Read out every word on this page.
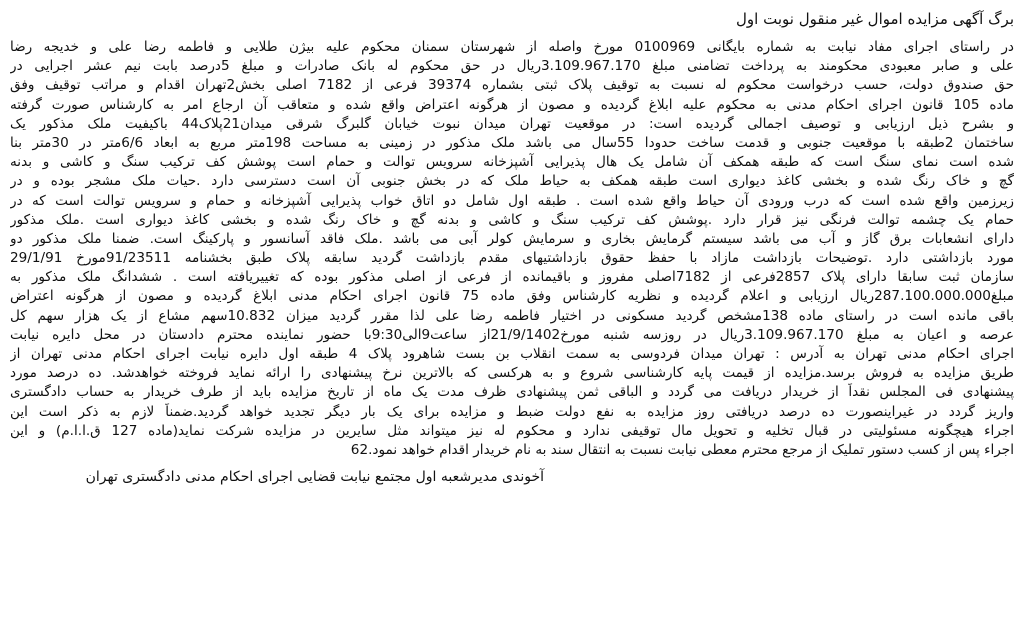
برگ آگهی مزایده اموال غیر منقول نوبت اول
در راستای اجرای مفاد نیابت به شماره بایگانی 0100969 مورخ واصله از شهرستان سمنان محکوم علیه بیژن طلایی و فاطمه رضا علی و خدیجه رضا
علی و صابر معبودی محکومند به پرداخت تضامنی مبلغ 3.109.967.170ریال در حق محکوم له بانک صادرات و مبلغ 5درصد بابت نیم عشر اجرایی در
حق صندوق دولت، حسب درخواست محکوم له نسبت به توقیف پلاک ثبتی بشماره 39374 فرعی از 7182 اصلی بخش2تهران اقدام و مراتب توقیف وفق
ماده 105 قانون اجرای احکام مدنی به محکوم علیه ابلاغ گردیده و مصون از هرگونه اعتراض واقع شده و متعاقب آن ارجاع امر به کارشناس صورت گرفته
و بشرح ذیل ارزیابی و توصیف اجمالی گردیده است: در موقعیت تهران میدان نبوت خیابان گلبرگ شرقی میدان21پلاک44 باکیفیت ملک مذکور یک
ساختمان 2طبقه با موقعیت جنوبی و قدمت ساخت حدودا 55سال می باشد ملک مذکور در زمینی به مساحت 198متر مربع به ابعاد 6/6متر در 30متر بنا
شده است نمای سنگ است که طبقه همکف آن شامل یک هال پذیرایی آشپزخانه سرویس توالت و حمام است پوشش کف ترکیب سنگ و کاشی و بدنه
گچ و خاک رنگ شده و بخشی کاغذ دیواری است طبقه همکف به حیاط ملک که در بخش جنوبی آن است دسترسی دارد .حیات ملک مشجر بوده و در
زیرزمین واقع شده است که درب ورودی آن حیاط واقع شده است . طبقه اول شامل دو اتاق خواب پذیرایی آشپزخانه و حمام و سرویس توالت است که در
حمام یک چشمه توالت فرنگی نیز قرار دارد .پوشش کف ترکیب سنگ و کاشی و بدنه گچ و خاک رنگ شده و بخشی کاغذ دیواری است .ملک مذکور
دارای انشعابات برق گاز و آب می باشد سیستم گرمایش بخاری و سرمایش کولر آبی می باشد .ملک فاقد آسانسور و پارکینگ است. ضمنا ملک مذکور دو
مورد بازداشتی دارد .توضیحات بازداشت مازاد با حفظ حقوق بازداشتیهای مقدم بازداشت گردید سابقه پلاک طبق بخشنامه 91/23511مورخ 29/1/91
سازمان ثبت سابقا دارای پلاک 2857فرعی از 7182اصلی مفروز و باقیمانده از فرعی از اصلی مذکور بوده که تغییریافته است . ششدانگ ملک مذکور به
مبلغ287.100.000.000ریال ارزیابی و اعلام گردیده و نظریه کارشناس وفق ماده 75 قانون اجرای احکام مدنی ابلاغ گردیده و مصون از هرگونه اعتراض
باقی مانده است در راستای ماده 138مشخص گردید مسکونی در اختیار فاطمه رضا علی لذا مقرر گردید میزان 10.832سهم مشاع از یک هزار سهم کل
عرصه و اعیان به مبلغ 3.109.967.170ریال در روزسه شنبه مورخ21/9/1402از ساعت9الی9:30با حضور نماینده محترم دادستان در محل دایره نیابت
اجرای احکام مدنی تهران به آدرس : تهران میدان فردوسی به سمت انقلاب بن بست شاهرود پلاک 4 طبقه اول دایره نیابت اجرای احکام مدنی تهران از
طریق مزایده به فروش برسد.مزایده از قیمت پایه کارشناسی شروع و به هرکسی که بالاترین نرخ پیشنهادی را ارائه نماید فروخته خواهدشد. ده درصد مورد
پیشنهادی فی المجلس نقداً از خریدار دریافت می گردد و الباقی ثمن پیشنهادی ظرف مدت یک ماه از تاریخ مزایده باید از طرف خریدار به حساب دادگستری
واریز گردد در غیراینصورت ده درصد دریافتی روز مزایده به نفع دولت ضبط و مزایده برای یک بار دیگر تجدید خواهد گردید.ضمناً لازم به ذکر است این
اجراء هیچگونه مسئولیتی در قبال تخلیه و تحویل مال توقیفی ندارد و محکوم له نیز میتواند مثل سایرین در مزایده شرکت نماید(ماده 127 ق.ا.ا.م) و این
اجراء پس از کسب دستور تملیک از مرجع محترم معطی نیابت نسبت به انتقال سند به نام خریدار اقدام خواهد نمود.62
آخوندی مدیرشعبه اول مجتمع نیابت قضایی اجرای احکام مدنی دادگستری تهران
